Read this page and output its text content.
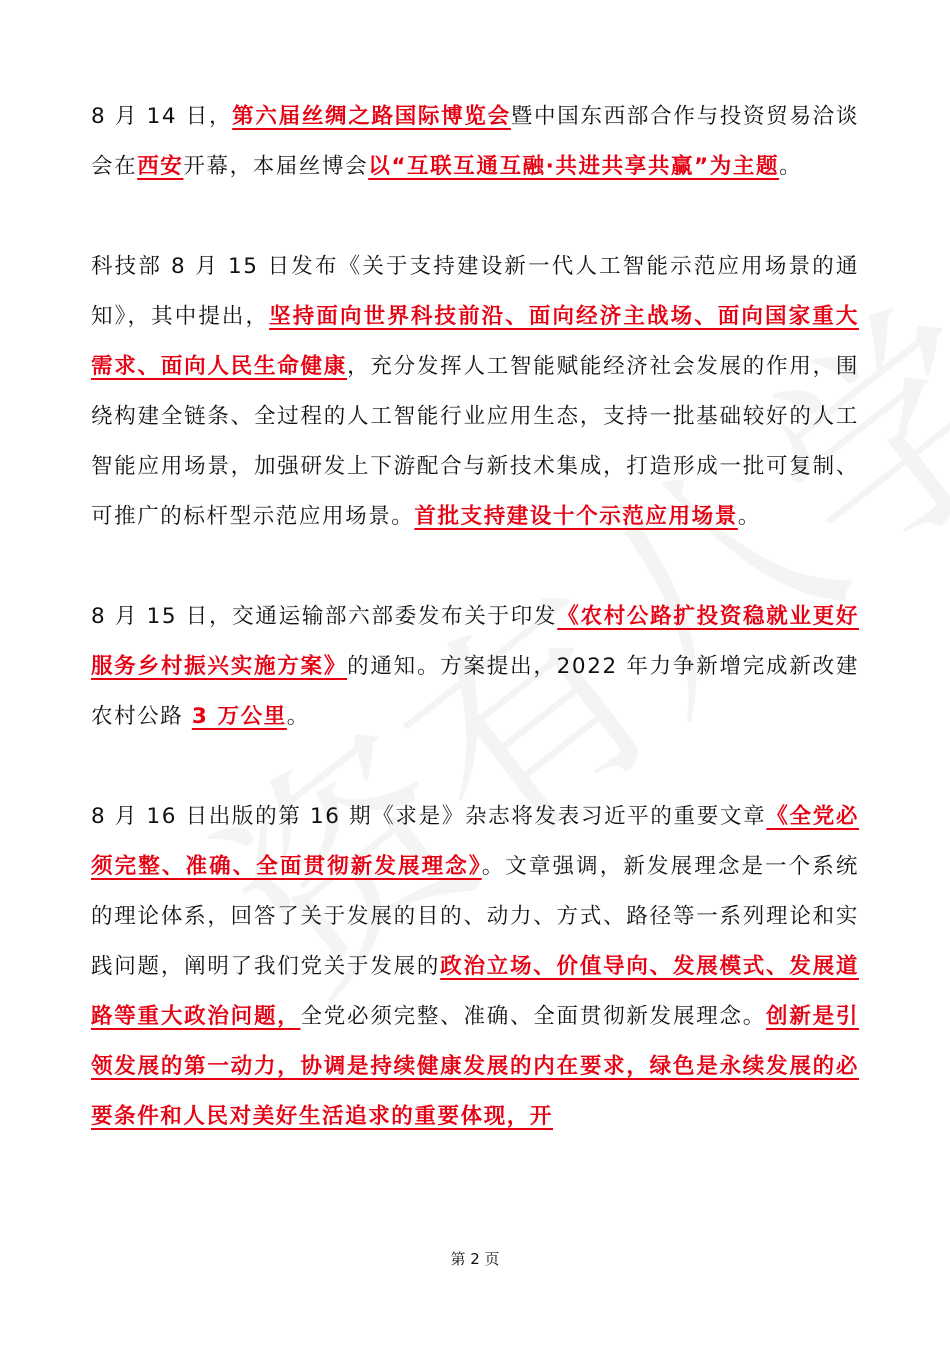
8 月 14 日，第六届丝绸之路国际博览会暨中国东西部合作与投资贸易洽谈会在西安开幕，本届丝博会以“互联互通互融·共进共享共赢”为主题。

科技部 8 月 15 日发布《关于支持建设新一代人工智能示范应用场景的通知》，其中提出，坚持面向世界科技前沿、面向经济主战场、面向国家重大需求、面向人民生命健康，充分发挥人工智能赋能经济社会发展的作用，围绕构建全链条、全过程的人工智能行业应用生态，支持一批基础较好的人工智能应用场景，加强研发上下游配合与新技术集成，打造形成一批可复制、可推广的标杆型示范应用场景。首批支持建设十个示范应用场景。

8 月 15 日，交通运输部六部委发布关于印发《农村公路扩投资稳就业更好服务乡村振兴实施方案》的通知。方案提出，2022 年力争新增完成新改建农村公路 3 万公里。

8 月 16 日出版的第 16 期《求是》杂志将发表习近平的重要文章《全党必须完整、准确、全面贯彻新发展理念》。文章强调，新发展理念是一个系统的理论体系，回答了关于发展的目的、动力、方式、路径等一系列理论和实践问题，阐明了我们党关于发展的政治立场、价值导向、发展模式、发展道路等重大政治问题，全党必须完整、准确、全面贯彻新发展理念。创新是引领发展的第一动力，协调是持续健康发展的内在要求，绿色是永续发展的必要条件和人民对美好生活追求的重要体现，开

第 2 页
